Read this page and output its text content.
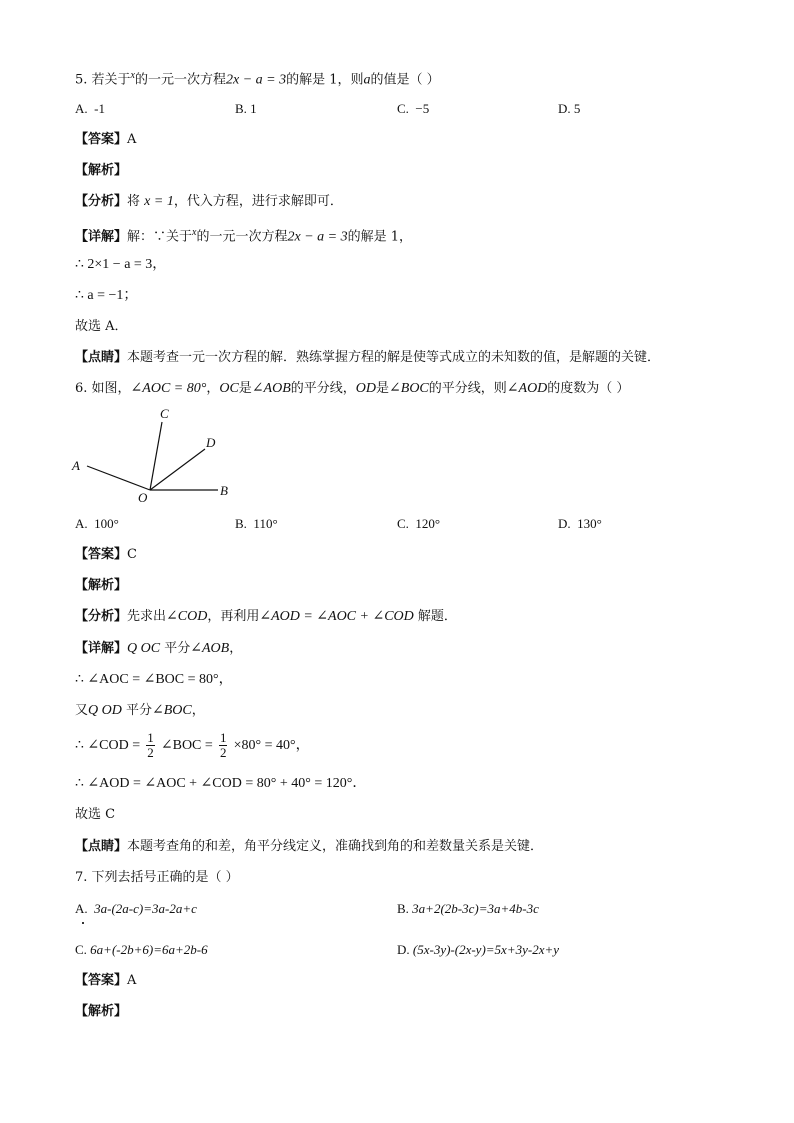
5. 若关于$^x$的一元一次方程2x − a = 3的解是 1，则a的值是（ ）
A. -1	B. 1	C. −5	D. 5
【答案】A
【解析】
【分析】将 x = 1，代入方程，进行求解即可．
【详解】解：∵关于$^x$的一元一次方程2x − a = 3的解是 1，
∴ 2×1 − a = 3，
∴ a = −1；
故选 A．
【点睛】本题考查一元一次方程的解．熟练掌握方程的解是使等式成立的未知数的值，是解题的关键．
6. 如图，∠AOC = 80°，OC是∠AOB的平分线，OD是∠BOC的平分线，则∠AOD的度数为（ ）
A
B
C
D
O
A. 100°	B. 110°	C. 120°	D. 130°
【答案】C
【解析】
【分析】先求出∠COD，再利用∠AOD = ∠AOC + ∠COD 解题．
【详解】Q OC 平分∠AOB，
∴ ∠AOC = ∠BOC = 80°，
又Q OD 平分∠BOC，
∴ ∠COD = $\frac{1}{2}$ ∠BOC = $\frac{1}{2} \times 80^\circ = 40^\circ$，
∴ ∠AOD = ∠AOC + ∠COD = 80° + 40° = 120°．
故选 C
【点睛】本题考查角的和差，角平分线定义，准确找到角的和差数量关系是关键．
7. 下列去括号正确的是（ ）
A. 3a-(2a-c)=3a-2a+c	B. 3a+2(2b-3c)=3a+4b-3c
C. 6a+(-2b+6)=6a+2b-6	D. (5x-3y)-(2x-y)=5x+3y-2x+y
【答案】A
【解析】
